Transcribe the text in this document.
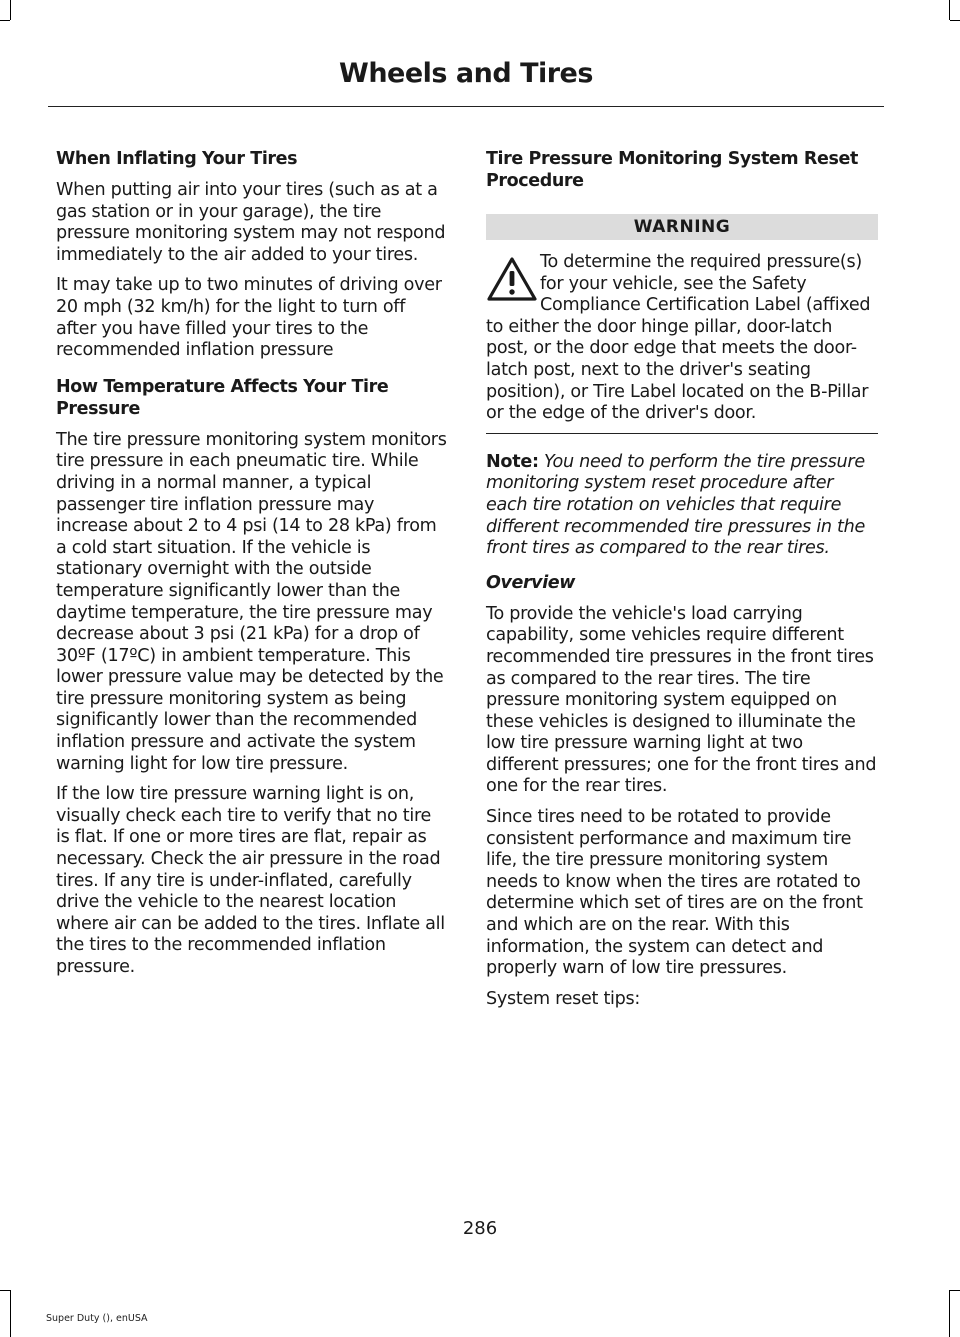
Wheels and Tires
When Inflating Your Tires

When putting air into your tires (such as at a gas station or in your garage), the tire pressure monitoring system may not respond immediately to the air added to your tires.

It may take up to two minutes of driving over 20 mph (32 km/h) for the light to turn off after you have filled your tires to the recommended inflation pressure

How Temperature Affects Your Tire Pressure

The tire pressure monitoring system monitors tire pressure in each pneumatic tire. While driving in a normal manner, a typical passenger tire inflation pressure may increase about 2 to 4 psi (14 to 28 kPa) from a cold start situation. If the vehicle is stationary overnight with the outside temperature significantly lower than the daytime temperature, the tire pressure may decrease about 3 psi (21 kPa) for a drop of 30ºF (17ºC) in ambient temperature. This lower pressure value may be detected by the tire pressure monitoring system as being significantly lower than the recommended inflation pressure and activate the system warning light for low tire pressure.

If the low tire pressure warning light is on, visually check each tire to verify that no tire is flat. If one or more tires are flat, repair as necessary. Check the air pressure in the road tires. If any tire is under-inflated, carefully drive the vehicle to the nearest location where air can be added to the tires. Inflate all the tires to the recommended inflation pressure.

Tire Pressure Monitoring System Reset Procedure
WARNING

To determine the required pressure(s) for your vehicle, see the Safety Compliance Certification Label (affixed to either the door hinge pillar, door-latch post, or the door edge that meets the door-latch post, next to the driver's seating position), or Tire Label located on the B-Pillar or the edge of the driver's door.

Note: You need to perform the tire pressure monitoring system reset procedure after each tire rotation on vehicles that require different recommended tire pressures in the front tires as compared to the rear tires.

Overview

To provide the vehicle's load carrying capability, some vehicles require different recommended tire pressures in the front tires as compared to the rear tires. The tire pressure monitoring system equipped on these vehicles is designed to illuminate the low tire pressure warning light at two different pressures; one for the front tires and one for the rear tires.

Since tires need to be rotated to provide consistent performance and maximum tire life, the tire pressure monitoring system needs to know when the tires are rotated to determine which set of tires are on the front and which are on the rear. With this information, the system can detect and properly warn of low tire pressures.

System reset tips:

286
Super Duty (), enUSA
